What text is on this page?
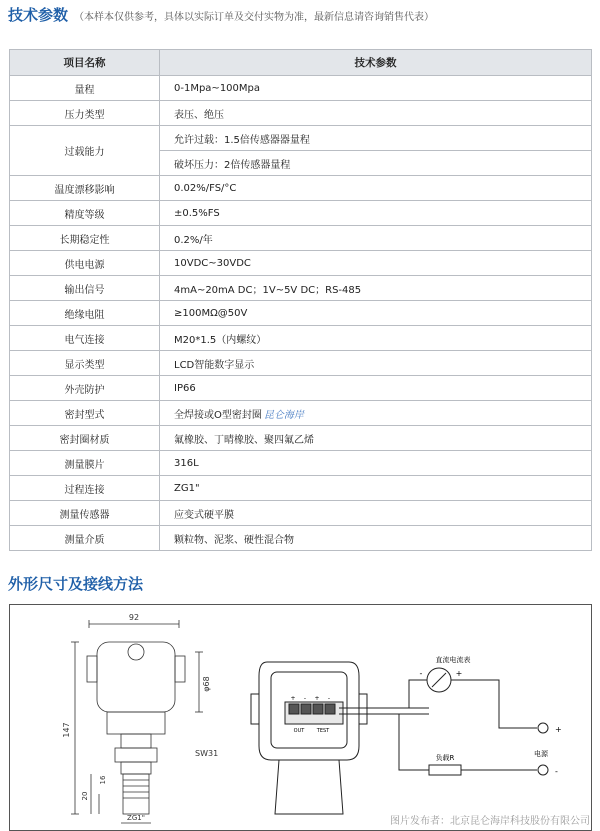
技术参数 （本样本仅供参考，具体以实际订单及交付实物为准，最新信息请咨询销售代表）
项目名称	技术参数
量程	0-1Mpa~100Mpa
压力类型	表压、绝压
过载能力	允许过载：1.5倍传感器器量程
	破坏压力：2倍传感器量程
温度漂移影响	0.02%/FS/°C
精度等级	±0.5%FS
长期稳定性	0.2%/年
供电电源	10VDC~30VDC
输出信号	4mA~20mA DC；1V~5V DC；RS-485
绝缘电阻	≥100MΩ@50V
电气连接	M20*1.5（内螺纹）
显示类型	LCD智能数字显示
外壳防护	IP66
密封型式	全焊接或O型密封圈 昆仑海岸
密封圈材质	氟橡胶、丁晴橡胶、聚四氟乙烯
测量膜片	316L
过程连接	ZG1"
测量传感器	应变式硬平膜
测量介质	颗粒物、泥浆、硬性混合物
外形尺寸及接线方法
92
147
φ68
SW31
20
16
ZG1"
+ - + -
OUT TEST
直流电流表
-	+
负载R	电源
+
-
图片发布者：北京昆仑海岸科技股份有限公司
